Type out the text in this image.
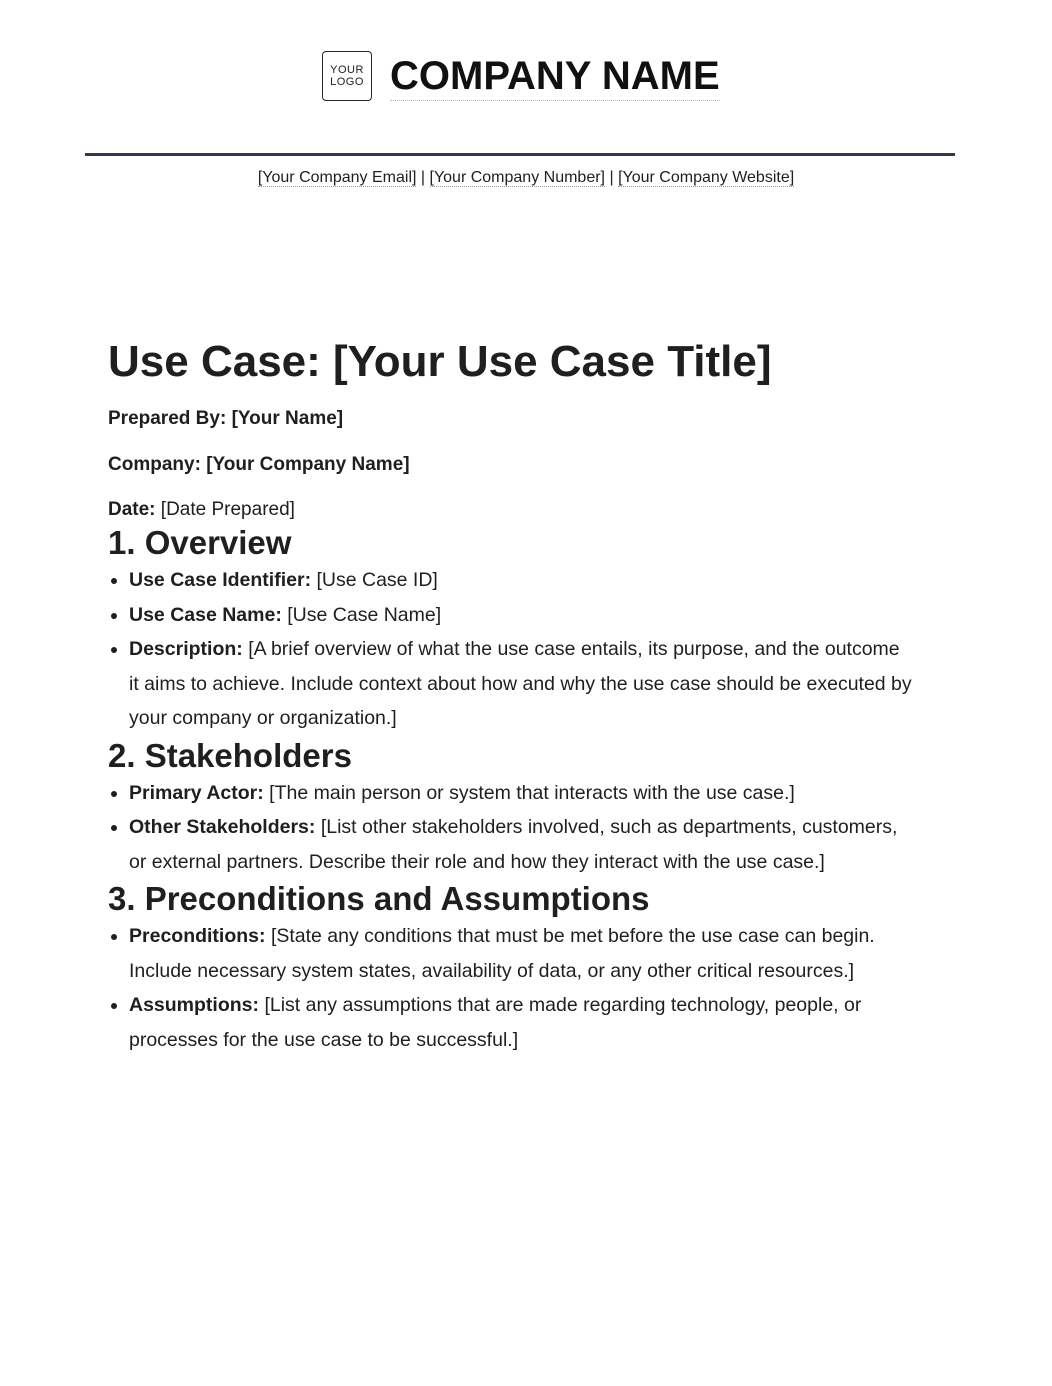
YOUR
LOGO COMPANY NAME
[Your Company Email] | [Your Company Number] | [Your Company Website]
Use Case: [Your Use Case Title]

Prepared By: [Your Name]

Company: [Your Company Name]

Date: [Date Prepared]

1. Overview
• Use Case Identifier: [Use Case ID]
• Use Case Name: [Use Case Name]
• Description: [A brief overview of what the use case entails, its purpose, and the outcome it aims to achieve. Include context about how and why the use case should be executed by your company or organization.]
2. Stakeholders
• Primary Actor: [The main person or system that interacts with the use case.]
• Other Stakeholders: [List other stakeholders involved, such as departments, customers, or external partners. Describe their role and how they interact with the use case.]
3. Preconditions and Assumptions
• Preconditions: [State any conditions that must be met before the use case can begin. Include necessary system states, availability of data, or any other critical resources.]
• Assumptions: [List any assumptions that are made regarding technology, people, or processes for the use case to be successful.]
